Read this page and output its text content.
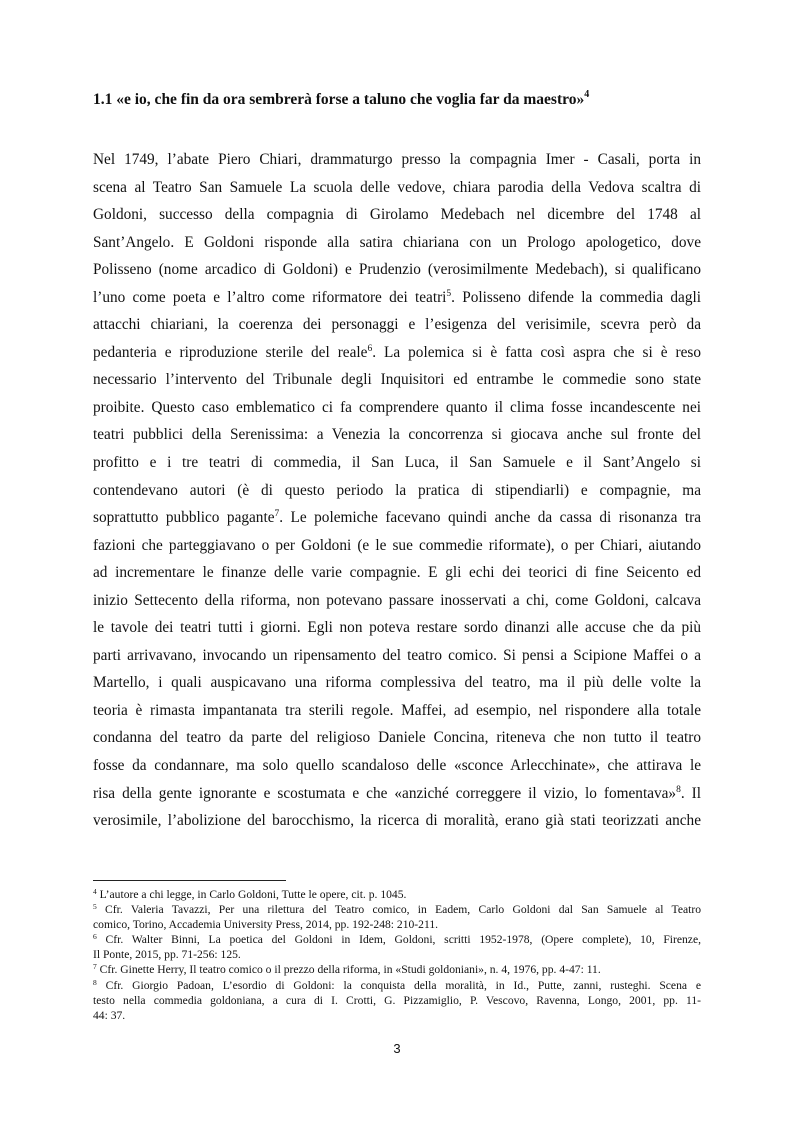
1.1 «e io, che fin da ora sembrerà forse a taluno che voglia far da maestro»$^4$
Nel 1749, l’abate Piero Chiari, drammaturgo presso la compagnia Imer - Casali, porta in
scena al Teatro San Samuele La scuola delle vedove, chiara parodia della Vedova scaltra di
Goldoni, successo della compagnia di Girolamo Medebach nel dicembre del 1748 al
Sant’Angelo. E Goldoni risponde alla satira chiariana con un Prologo apologetico, dove
Polisseno (nome arcadico di Goldoni) e Prudenzio (verosimilmente Medebach), si qualificano
l’uno come poeta e l’altro come riformatore dei teatri$^5$. Polisseno difende la commedia dagli
attacchi chiariani, la coerenza dei personaggi e l’esigenza del verisimile, scevra però da
pedanteria e riproduzione sterile del reale$^6$. La polemica si è fatta così aspra che si è reso
necessario l’intervento del Tribunale degli Inquisitori ed entrambe le commedie sono state
proibite. Questo caso emblematico ci fa comprendere quanto il clima fosse incandescente nei
teatri pubblici della Serenissima: a Venezia la concorrenza si giocava anche sul fronte del
profitto e i tre teatri di commedia, il San Luca, il San Samuele e il Sant’Angelo si
contendevano autori (è di questo periodo la pratica di stipendiarli) e compagnie, ma
soprattutto pubblico pagante$^7$. Le polemiche facevano quindi anche da cassa di risonanza tra
fazioni che parteggiavano o per Goldoni (e le sue commedie riformate), o per Chiari, aiutando
ad incrementare le finanze delle varie compagnie. E gli echi dei teorici di fine Seicento ed
inizio Settecento della riforma, non potevano passare inosservati a chi, come Goldoni, calcava
le tavole dei teatri tutti i giorni. Egli non poteva restare sordo dinanzi alle accuse che da più
parti arrivavano, invocando un ripensamento del teatro comico. Si pensi a Scipione Maffei o a
Martello, i quali auspicavano una riforma complessiva del teatro, ma il più delle volte la
teoria è rimasta impantanata tra sterili regole. Maffei, ad esempio, nel rispondere alla totale
condanna del teatro da parte del religioso Daniele Concina, riteneva che non tutto il teatro
fosse da condannare, ma solo quello scandaloso delle «sconce Arlecchinate», che attirava le
risa della gente ignorante e scostumata e che «anziché correggere il vizio, lo fomentava»$^8$. Il
verosimile, l’abolizione del barocchismo, la ricerca di moralità, erano già stati teorizzati anche
$^4$ L’autore a chi legge, in Carlo Goldoni, Tutte le opere, cit. p. 1045.
$^5$ Cfr. Valeria Tavazzi, Per una rilettura del Teatro comico, in Eadem, Carlo Goldoni dal San Samuele al Teatro
comico, Torino, Accademia University Press, 2014, pp. 192-248: 210-211.
$^6$ Cfr. Walter Binni, La poetica del Goldoni in Idem, Goldoni, scritti 1952-1978, (Opere complete), 10, Firenze,
Il Ponte, 2015, pp. 71-256: 125.
$^7$ Cfr. Ginette Herry, Il teatro comico o il prezzo della riforma, in «Studi goldoniani», n. 4, 1976, pp. 4-47: 11.
$^8$ Cfr. Giorgio Padoan, L’esordio di Goldoni: la conquista della moralità, in Id., Putte, zanni, rusteghi. Scena e
testo nella commedia goldoniana, a cura di I. Crotti, G. Pizzamiglio, P. Vescovo, Ravenna, Longo, 2001, pp. 11-
44: 37.
3
